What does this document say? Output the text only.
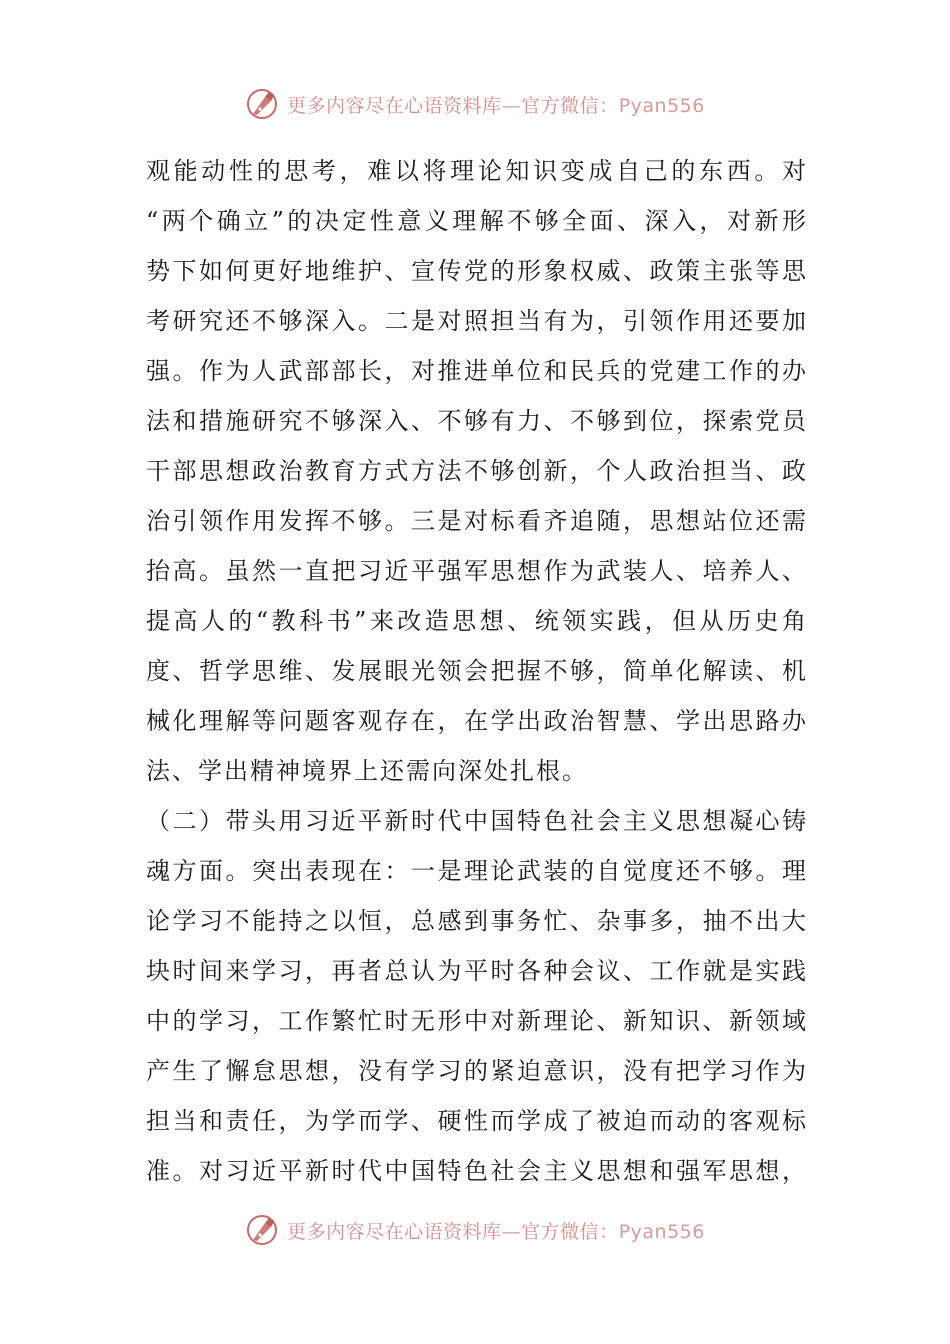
更多内容尽在心语资料库—官方微信：Pyan556
观能动性的思考，难以将理论知识变成自己的东西。对
“两个确立”的决定性意义理解不够全面、深入，对新形
势下如何更好地维护、宣传党的形象权威、政策主张等思
考研究还不够深入。二是对照担当有为，引领作用还要加
强。作为人武部部长，对推进单位和民兵的党建工作的办
法和措施研究不够深入、不够有力、不够到位，探索党员
干部思想政治教育方式方法不够创新，个人政治担当、政
治引领作用发挥不够。三是对标看齐追随，思想站位还需
抬高。虽然一直把习近平强军思想作为武装人、培养人、
提高人的“教科书”来改造思想、统领实践，但从历史角
度、哲学思维、发展眼光领会把握不够，简单化解读、机
械化理解等问题客观存在，在学出政治智慧、学出思路办
法、学出精神境界上还需向深处扎根。
（二）带头用习近平新时代中国特色社会主义思想凝心铸
魂方面。突出表现在：一是理论武装的自觉度还不够。理
论学习不能持之以恒，总感到事务忙、杂事多，抽不出大
块时间来学习，再者总认为平时各种会议、工作就是实践
中的学习，工作繁忙时无形中对新理论、新知识、新领域
产生了懈怠思想，没有学习的紧迫意识，没有把学习作为
担当和责任，为学而学、硬性而学成了被迫而动的客观标
准。对习近平新时代中国特色社会主义思想和强军思想，
更多内容尽在心语资料库—官方微信：Pyan556
